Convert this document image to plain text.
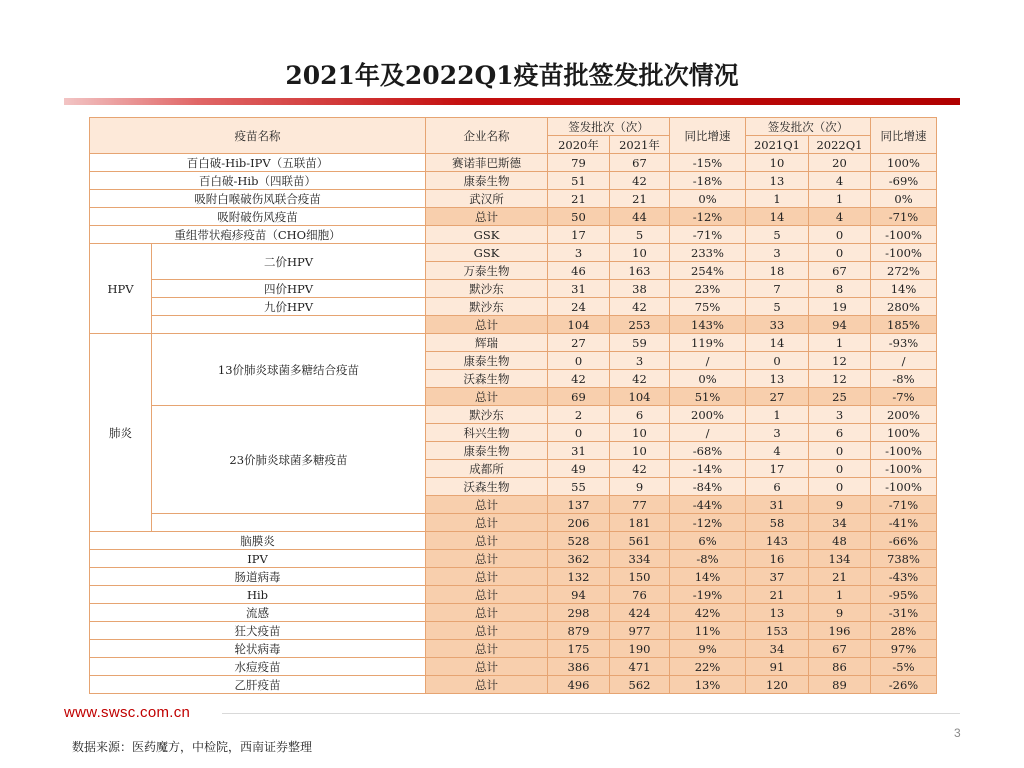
2021年及2022Q1疫苗批签发批次情况
疫苗名称		企业名称	签发批次（次）		同比增速	签发批次（次）		同比增速
			2020年	2021年		2021Q1	2022Q1	
百白破-Hib-IPV（五联苗）		赛诺菲巴斯德	79	67	-15%	10	20	100%
百白破-Hib（四联苗）		康泰生物	51	42	-18%	13	4	-69%
吸附白喉破伤风联合疫苗		武汉所	21	21	0%	1	1	0%
吸附破伤风疫苗		总计	50	44	-12%	14	4	-71%
重组带状疱疹疫苗（CHO细胞）		GSK	17	5	-71%	5	0	-100%
HPV	二价HPV	GSK	3	10	233%	3	0	-100%
		万泰生物	46	163	254%	18	67	272%
	四价HPV	默沙东	31	38	23%	7	8	14%
	九价HPV	默沙东	24	42	75%	5	19	280%
		总计	104	253	143%	33	94	185%
肺炎	13价肺炎球菌多糖结合疫苗	辉瑞	27	59	119%	14	1	-93%
		康泰生物	0	3	/	0	12	/
		沃森生物	42	42	0%	13	12	-8%
		总计	69	104	51%	27	25	-7%
	23价肺炎球菌多糖疫苗	默沙东	2	6	200%	1	3	200%
		科兴生物	0	10	/	3	6	100%
		康泰生物	31	10	-68%	4	0	-100%
		成都所	49	42	-14%	17	0	-100%
		沃森生物	55	9	-84%	6	0	-100%
		总计	137	77	-44%	31	9	-71%
		总计	206	181	-12%	58	34	-41%
脑膜炎		总计	528	561	6%	143	48	-66%
IPV		总计	362	334	-8%	16	134	738%
肠道病毒		总计	132	150	14%	37	21	-43%
Hib		总计	94	76	-19%	21	1	-95%
流感		总计	298	424	42%	13	9	-31%
狂犬疫苗		总计	879	977	11%	153	196	28%
轮状病毒		总计	175	190	9%	34	67	97%
水痘疫苗		总计	386	471	22%	91	86	-5%
乙肝疫苗		总计	496	562	13%	120	89	-26%
www.swsc.com.cn
3
数据来源：医药魔方，中检院，西南证券整理
